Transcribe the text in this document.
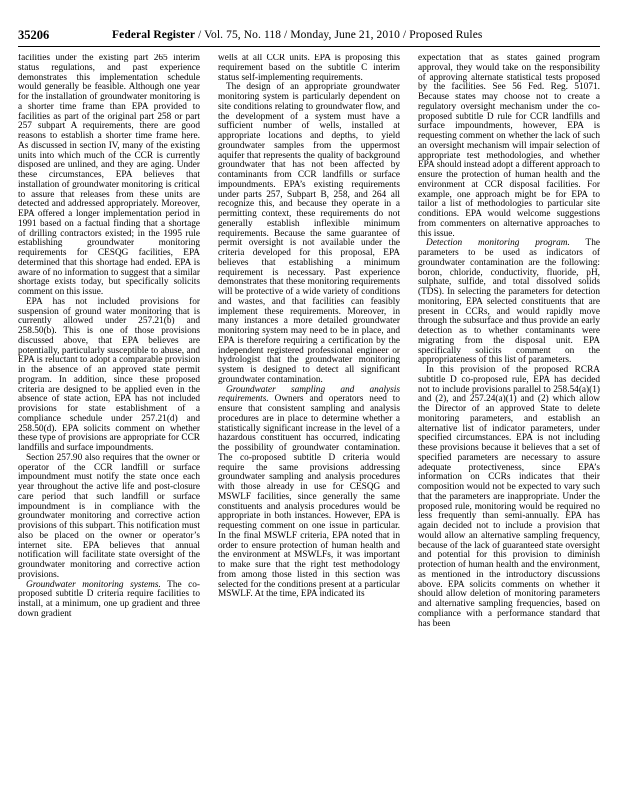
35206	Federal Register / Vol. 75, No. 118 / Monday, June 21, 2010 / Proposed Rules

facilities under the existing part 265 interim status regulations, and past experience demonstrates this implementation schedule would generally be feasible. Although one year for the installation of groundwater monitoring is a shorter time frame than EPA provided to facilities as part of the original part 258 or part 257 subpart A requirements, there are good reasons to establish a shorter time frame here. As discussed in section IV, many of the existing units into which much of the CCR is currently disposed are unlined, and they are aging. Under these circumstances, EPA believes that installation of groundwater monitoring is critical to assure that releases from these units are detected and addressed appropriately. Moreover, EPA offered a longer implementation period in 1991 based on a factual finding that a shortage of drilling contractors existed; in the 1995 rule establishing groundwater monitoring requirements for CESQG facilities, EPA determined that this shortage had ended. EPA is aware of no information to suggest that a similar shortage exists today, but specifically solicits comment on this issue.

EPA has not included provisions for suspension of ground water monitoring that is currently allowed under 257.21(b) and 258.50(b). This is one of those provisions discussed above, that EPA believes are potentially, particularly susceptible to abuse, and EPA is reluctant to adopt a comparable provision in the absence of an approved state permit program. In addition, since these proposed criteria are designed to be applied even in the absence of state action, EPA has not included provisions for state establishment of a compliance schedule under 257.21(d) and 258.50(d). EPA solicits comment on whether these type of provisions are appropriate for CCR landfills and surface impoundments.

Section 257.90 also requires that the owner or operator of the CCR landfill or surface impoundment must notify the state once each year throughout the active life and post-closure care period that such landfill or surface impoundment is in compliance with the groundwater monitoring and corrective action provisions of this subpart. This notification must also be placed on the owner or operator’s internet site. EPA believes that annual notification will facilitate state oversight of the groundwater monitoring and corrective action provisions.

Groundwater monitoring systems. The co-proposed subtitle D criteria require facilities to install, at a minimum, one up gradient and three down gradient

wells at all CCR units. EPA is proposing this requirement based on the subtitle C interim status self-implementing requirements.

The design of an appropriate groundwater monitoring system is particularly dependent on site conditions relating to groundwater flow, and the development of a system must have a sufficient number of wells, installed at appropriate locations and depths, to yield groundwater samples from the uppermost aquifer that represents the quality of background groundwater that has not been affected by contaminants from CCR landfills or surface impoundments. EPA’s existing requirements under parts 257, Subpart B, 258, and 264 all recognize this, and because they operate in a permitting context, these requirements do not generally establish inflexible minimum requirements. Because the same guarantee of permit oversight is not available under the criteria developed for this proposal, EPA believes that establishing a minimum requirement is necessary. Past experience demonstrates that these monitoring requirements will be protective of a wide variety of conditions and wastes, and that facilities can feasibly implement these requirements. Moreover, in many instances a more detailed groundwater monitoring system may need to be in place, and EPA is therefore requiring a certification by the independent registered professional engineer or hydrologist that the groundwater monitoring system is designed to detect all significant groundwater contamination.

Groundwater sampling and analysis requirements. Owners and operators need to ensure that consistent sampling and analysis procedures are in place to determine whether a statistically significant increase in the level of a hazardous constituent has occurred, indicating the possibility of groundwater contamination. The co-proposed subtitle D criteria would require the same provisions addressing groundwater sampling and analysis procedures with those already in use for CESQG and MSWLF facilities, since generally the same constituents and analysis procedures would be appropriate in both instances. However, EPA is requesting comment on one issue in particular. In the final MSWLF criteria, EPA noted that in order to ensure protection of human health and the environment at MSWLFs, it was important to make sure that the right test methodology from among those listed in this section was selected for the conditions present at a particular MSWLF. At the time, EPA indicated its

expectation that as states gained program approval, they would take on the responsibility of approving alternate statistical tests proposed by the facilities. See 56 Fed. Reg. 51071. Because states may choose not to create a regulatory oversight mechanism under the co-proposed subtitle D rule for CCR landfills and surface impoundments, however, EPA is requesting comment on whether the lack of such an oversight mechanism will impair selection of appropriate test methodologies, and whether EPA should instead adopt a different approach to ensure the protection of human health and the environment at CCR disposal facilities. For example, one approach might be for EPA to tailor a list of methodologies to particular site conditions. EPA would welcome suggestions from commenters on alternative approaches to this issue.

Detection monitoring program. The parameters to be used as indicators of groundwater contamination are the following: boron, chloride, conductivity, fluoride, pH, sulphate, sulfide, and total dissolved solids (TDS). In selecting the parameters for detection monitoring, EPA selected constituents that are present in CCRs, and would rapidly move through the subsurface and thus provide an early detection as to whether contaminants were migrating from the disposal unit. EPA specifically solicits comment on the appropriateness of this list of parameters.

In this provision of the proposed RCRA subtitle D co-proposed rule, EPA has decided not to include provisions parallel to 258.54(a)(1) and (2), and 257.24(a)(1) and (2) which allow the Director of an approved State to delete monitoring parameters, and establish an alternative list of indicator parameters, under specified circumstances. EPA is not including these provisions because it believes that a set of specified parameters are necessary to assure adequate protectiveness, since EPA’s information on CCRs indicates that their composition would not be expected to vary such that the parameters are inappropriate. Under the proposed rule, monitoring would be required no less frequently than semi-annually. EPA has again decided not to include a provision that would allow an alternative sampling frequency, because of the lack of guaranteed state oversight and potential for this provision to diminish protection of human health and the environment, as mentioned in the introductory discussions above. EPA solicits comments on whether it should allow deletion of monitoring parameters and alternative sampling frequencies, based on compliance with a performance standard that has been
